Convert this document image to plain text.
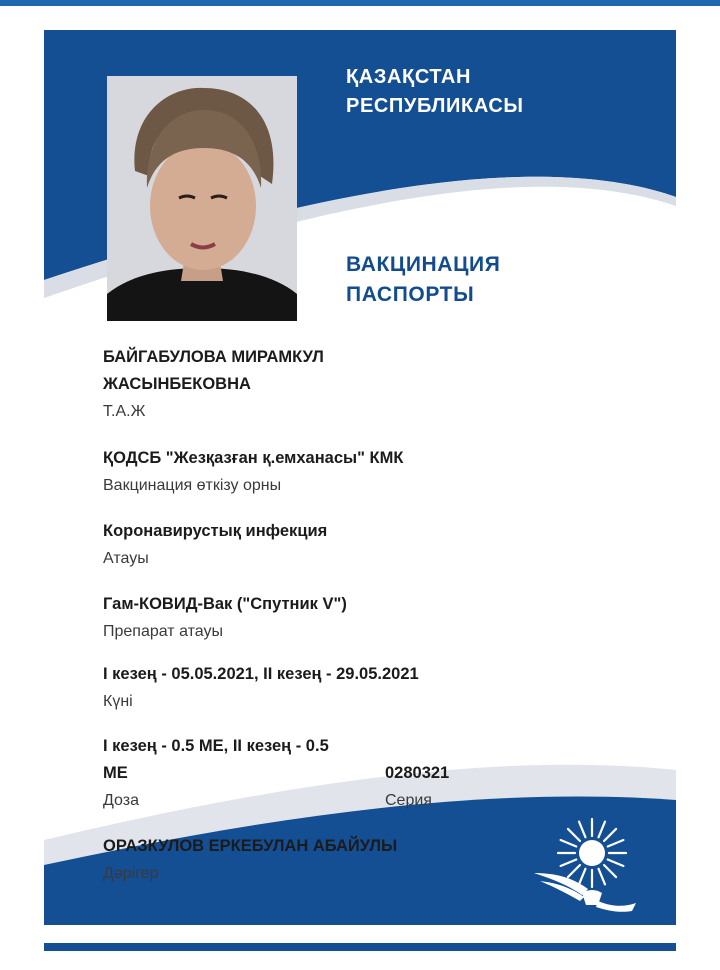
ҚАЗАҚСТАН
РЕСПУБЛИКАСЫ
ВАКЦИНАЦИЯ
ПАСПОРТЫ
БАЙГАБУЛОВА МИРАМКУЛ
ЖАСЫНБЕКОВНА
Т.А.Ж
ҚОДСБ "Жезқазған қ.емханасы" КМК
Вакцинация өткізу орны
Коронавирустық инфекция
Атауы
Гам-КОВИД-Вак ("Спутник V")
Препарат атауы
I кезең - 05.05.2021, II кезең - 29.05.2021
Күні
I кезең - 0.5 МЕ, II кезең - 0.5
МЕ
Доза
0280321
Серия
ОРАЗКУЛОВ ЕРКЕБУЛАН АБАЙУЛЫ
Дәрігер
